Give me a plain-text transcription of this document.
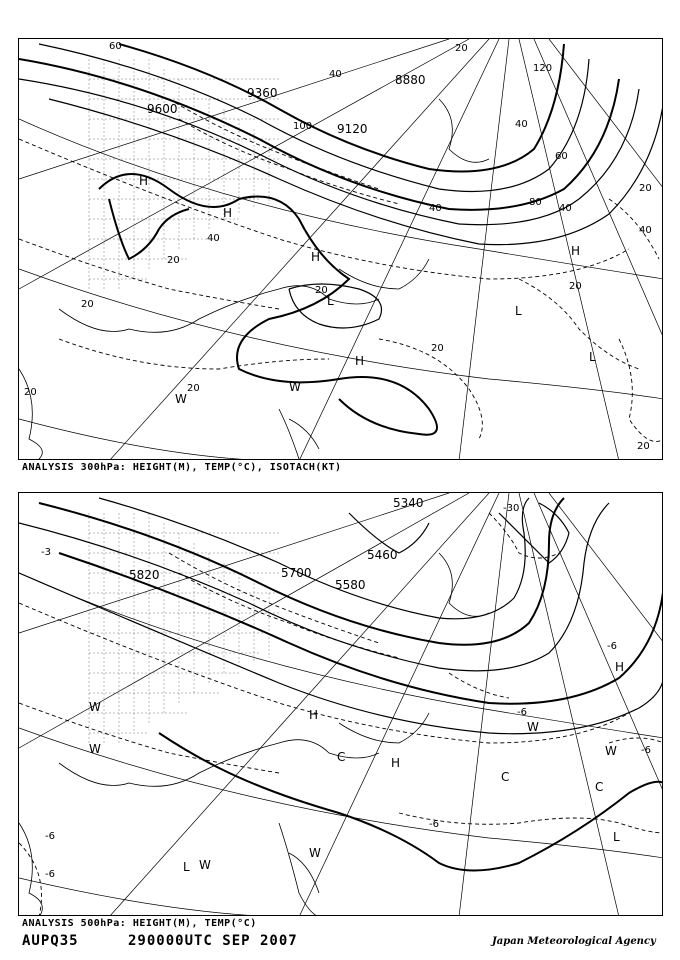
9600
9360
9120
8880
20
20
20
20
20
20
20
20
20
20
40
40
40
40
40
40
60
60
80
100
120
H
H
H
L
H
L
L
H
W
W
ANALYSIS 300hPa: HEIGHT(M), TEMP(°C), ISOTACH(KT)
5820	5700
5580
5460
5340
-3
-6
-6
-6
-6
-6
-6
-30
W
W
C	H
C
H
W
C
L
W
L W
H
W
ANALYSIS 500hPa: HEIGHT(M), TEMP(°C)
AUPQ35	290000UTC SEP 2007	Japan Meteorological Agency
